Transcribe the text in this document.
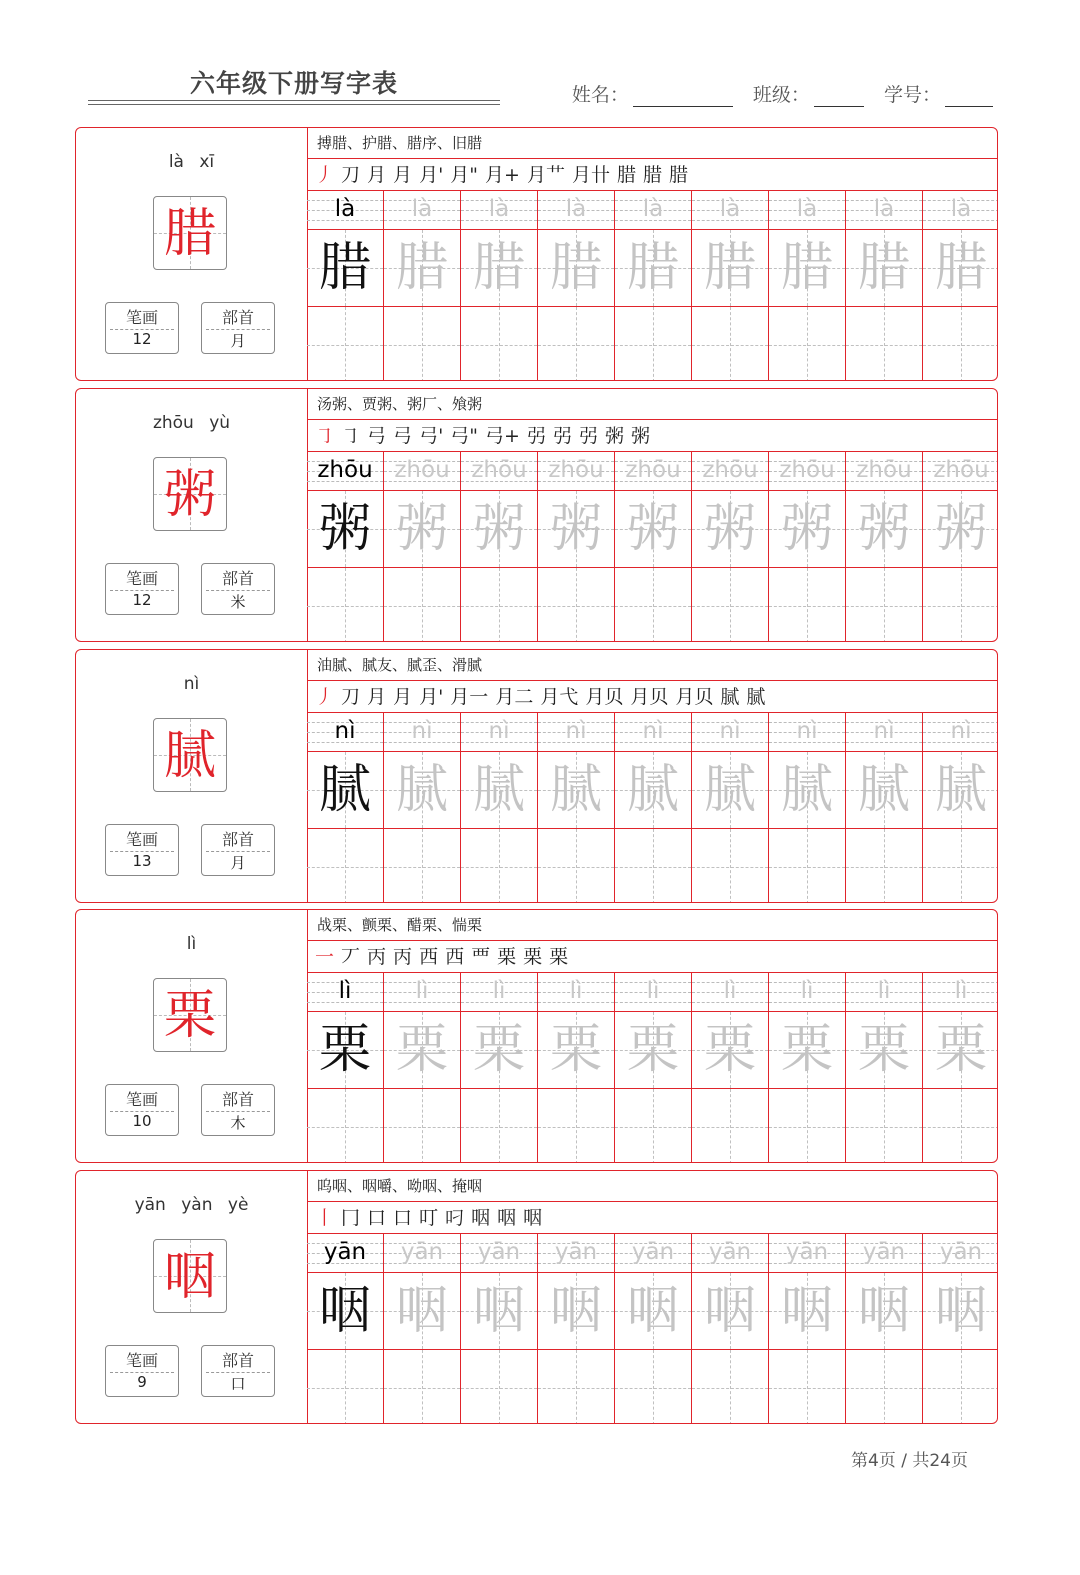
六年级下册写字表	姓名：	班级：	学号：
là xī
腊
笔画
12
部首
月
搏腊、护腊、腊序、旧腊
丿 刀 月 月 月' 月" 月+ 月艹 月卄 腊 腊 腊
là
腊
là
腊
là
腊
là
腊
là
腊
là
腊
là
腊
là
腊
là
腊
zhōu yù
粥
笔画
12
部首
米
汤粥、贾粥、粥厂、飧粥
㇆ ㇆ 弓 弓 弓' 弓" 弓+ 弜 弜 弜 粥 粥
zhōu
粥
zhōu
粥
zhōu
粥
zhōu
粥
zhōu
粥
zhōu
粥
zhōu
粥
zhōu
粥
zhōu
粥
nì
腻
笔画
13
部首
月
油腻、腻友、腻歪、滑腻
丿 刀 月 月 月' 月一 月二 月弋 月贝 月贝 月贝 腻 腻
nì
腻
nì
腻
nì
腻
nì
腻
nì
腻
nì
腻
nì
腻
nì
腻
nì
腻
lì
栗
笔画
10
部首
木
战栗、颤栗、醋栗、惴栗
一 丆 丙 丙 西 西 覀 栗 栗 栗
lì
栗
lì
栗
lì
栗
lì
栗
lì
栗
lì
栗
lì
栗
lì
栗
lì
栗
yān yàn yè
咽
笔画
9
部首
口
呜咽、咽嚼、呦咽、掩咽
丨 冂 口 口 叮 叼 咽 咽 咽
yān
咽
yān
咽
yān
咽
yān
咽
yān
咽
yān
咽
yān
咽
yān
咽
yān
咽
第4页 / 共24页
